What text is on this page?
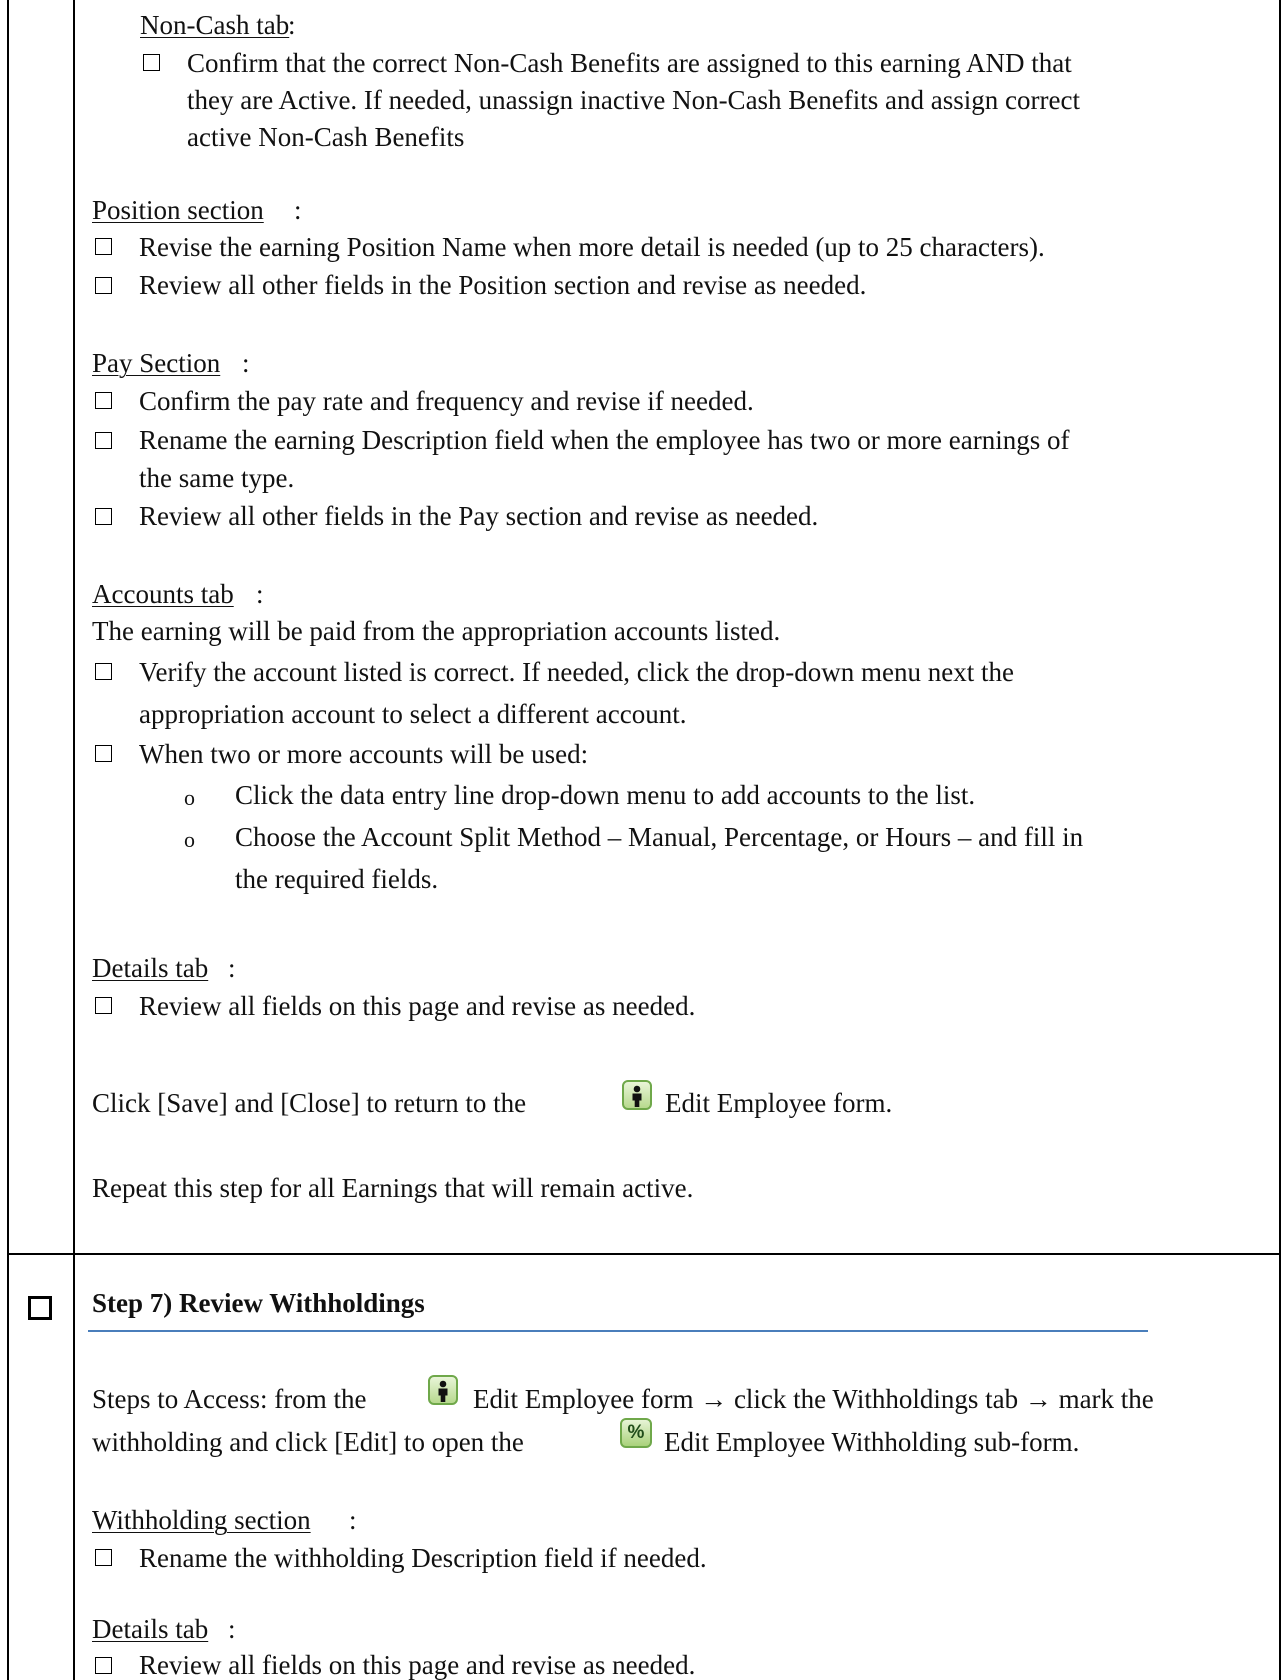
Non-Cash tab
:
Confirm that the correct Non-Cash Benefits are assigned to this earning AND that
they are Active. If needed, unassign inactive Non-Cash Benefits and assign correct
active Non-Cash Benefits
Position section :
Revise the earning Position Name when more detail is needed (up to 25 characters).
Review all other fields in the Position section and revise as needed.
Pay Section :
Confirm the pay rate and frequency and revise if needed.
Rename the earning Description field when the employee has two or more earnings of
the same type.
Review all other fields in the Pay section and revise as needed.
Accounts tab :
The earning will be paid from the appropriation accounts listed.
Verify the account listed is correct. If needed, click the drop-down menu next the
appropriation account to select a different account.
When two or more accounts will be used:
o Click the data entry line drop-down menu to add accounts to the list.
o Choose the Account Split Method – Manual, Percentage, or Hours – and fill in
the required fields.
Details tab :
Review all fields on this page and revise as needed.
Click [Save] and [Close] to return to the	Edit Employee form.
Repeat this step for all Earnings that will remain active.
Step 7) Review Withholdings
Steps to Access: from the	Edit Employee form → click the Withholdings tab → mark the
withholding and click [Edit] to open the	% Edit Employee Withholding sub-form.
Withholding section :
Rename the withholding Description field if needed.
Details tab :
Review all fields on this page and revise as needed.
